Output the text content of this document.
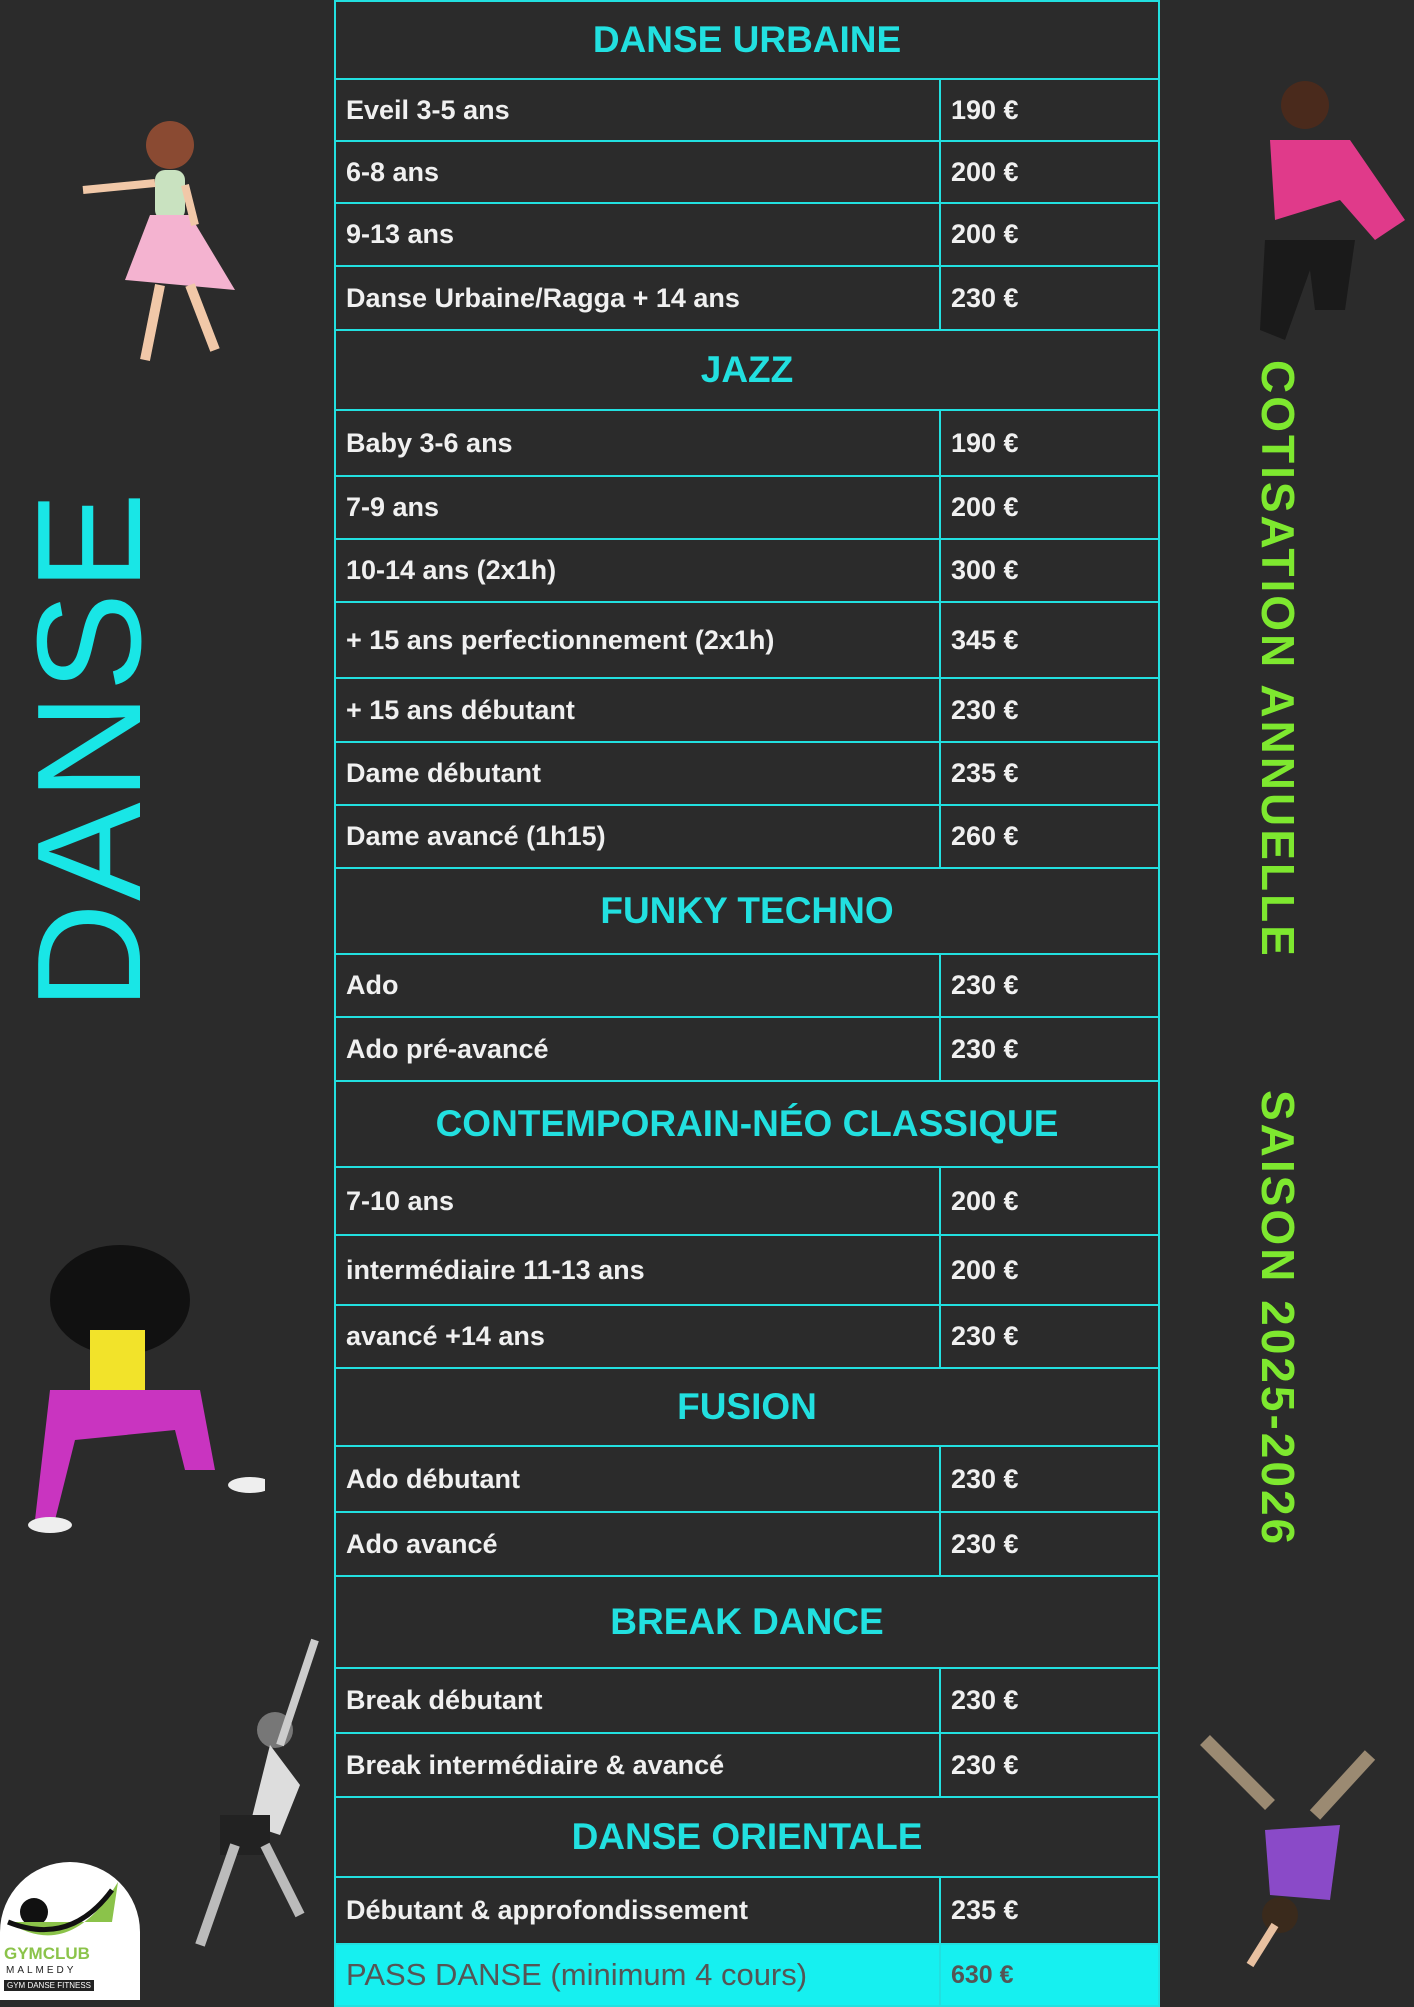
DANSE	COTISATION ANNUELLE
SAISON 2025-2026
GYMCLUB
MALMEDY
GYM DANSE FITNESS
DANSE URBAINE	
Eveil 3-5 ans	190 €
6-8 ans	200 €
9-13 ans	200 €
Danse Urbaine/Ragga + 14 ans	230 €
JAZZ	
Baby 3-6 ans	190 €
7-9 ans	200 €
10-14 ans (2x1h)	300 €
+ 15 ans perfectionnement (2x1h)	345 €
+ 15 ans débutant	230 €
Dame débutant	235 €
Dame avancé (1h15)	260 €
FUNKY TECHNO	
Ado	230 €
Ado pré-avancé	230 €
CONTEMPORAIN-NÉO CLASSIQUE	
7-10 ans	200 €
intermédiaire 11-13 ans	200 €
avancé +14 ans	230 €
FUSION	
Ado débutant	230 €
Ado avancé	230 €
BREAK DANCE	
Break débutant	230 €
Break intermédiaire & avancé	230 €
DANSE ORIENTALE	
Débutant & approfondissement	235 €
PASS DANSE (minimum 4 cours)	630 €
